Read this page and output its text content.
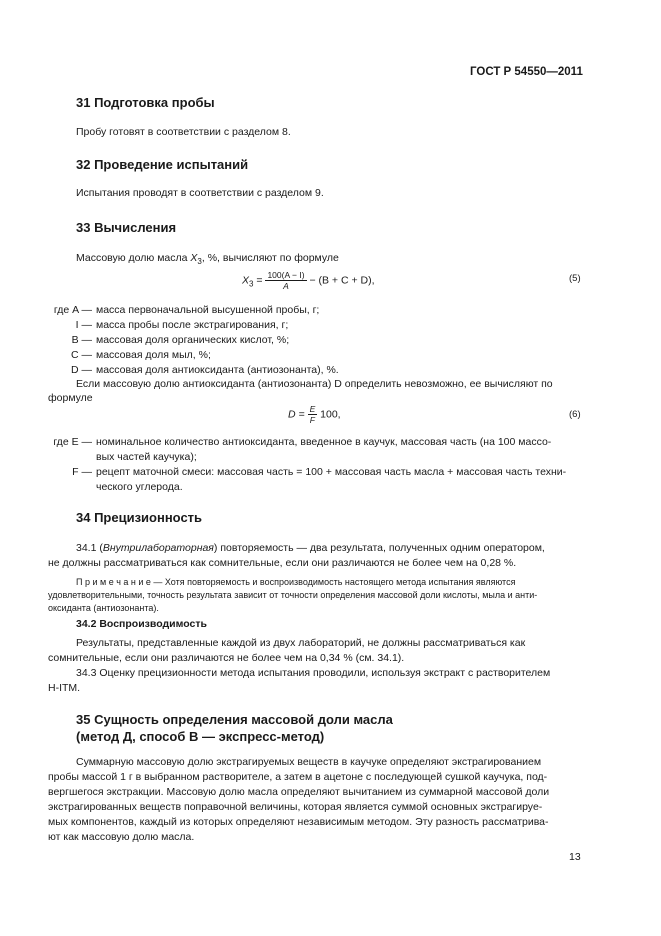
ГОСТ Р 54550—2011
31 Подготовка пробы
Пробу готовят в соответствии с разделом 8.
32 Проведение испытаний
Испытания проводят в соответствии с разделом 9.
33 Вычисления
Массовую долю масла $X_3$, %, вычисляют по формуле
$X_3 = \frac{100(A - I)}{A} - (B + C + D)$,	(5)
где A — масса первоначальной высушенной пробы, г;
I — масса пробы после экстрагирования, г;
B — массовая доля органических кислот, %;
C — массовая доля мыл, %;
D — массовая доля антиоксиданта (антиозонанта), %.
Если массовую долю антиоксиданта (антиозонанта) D определить невозможно, ее вычисляют по
формуле
$D = \frac{E}{F} 100$,	(6)
где E — номинальное количество антиоксиданта, введенное в каучук, массовая часть (на 100 массо-
вых частей каучука);
F — рецепт маточной смеси: массовая часть = 100 + массовая часть масла + массовая часть техни-
ческого углерода.
34 Прецизионность
34.1 (Внутрилабораторная) повторяемость — два результата, полученных одним оператором,
не должны рассматриваться как сомнительные, если они различаются не более чем на 0,28 %.
П р и м е ч а н и е — Хотя повторяемость и воспроизводимость настоящего метода испытания являются
удовлетворительными, точность результата зависит от точности определения массовой доли кислоты, мыла и анти-
оксиданта (антиозонанта).
34.2 Воспроизводимость
Результаты, представленные каждой из двух лабораторий, не должны рассматриваться как
сомнительные, если они различаются не более чем на 0,34 % (см. 34.1).
34.3 Оценку прецизионности метода испытания проводили, используя экстракт с растворителем
H-ITM.
35 Сущность определения массовой доли масла
(метод Д, способ В — экспресс-метод)
Суммарную массовую долю экстрагируемых веществ в каучуке определяют экстрагированием
пробы массой 1 г в выбранном растворителе, а затем в ацетоне с последующей сушкой каучука, под-
вергшегося экстракции. Массовую долю масла определяют вычитанием из суммарной массовой доли
экстрагированных веществ поправочной величины, которая является суммой основных экстрагируе-
мых компонентов, каждый из которых определяют независимым методом. Эту разность рассматрива-
ют как массовую долю масла.
13
